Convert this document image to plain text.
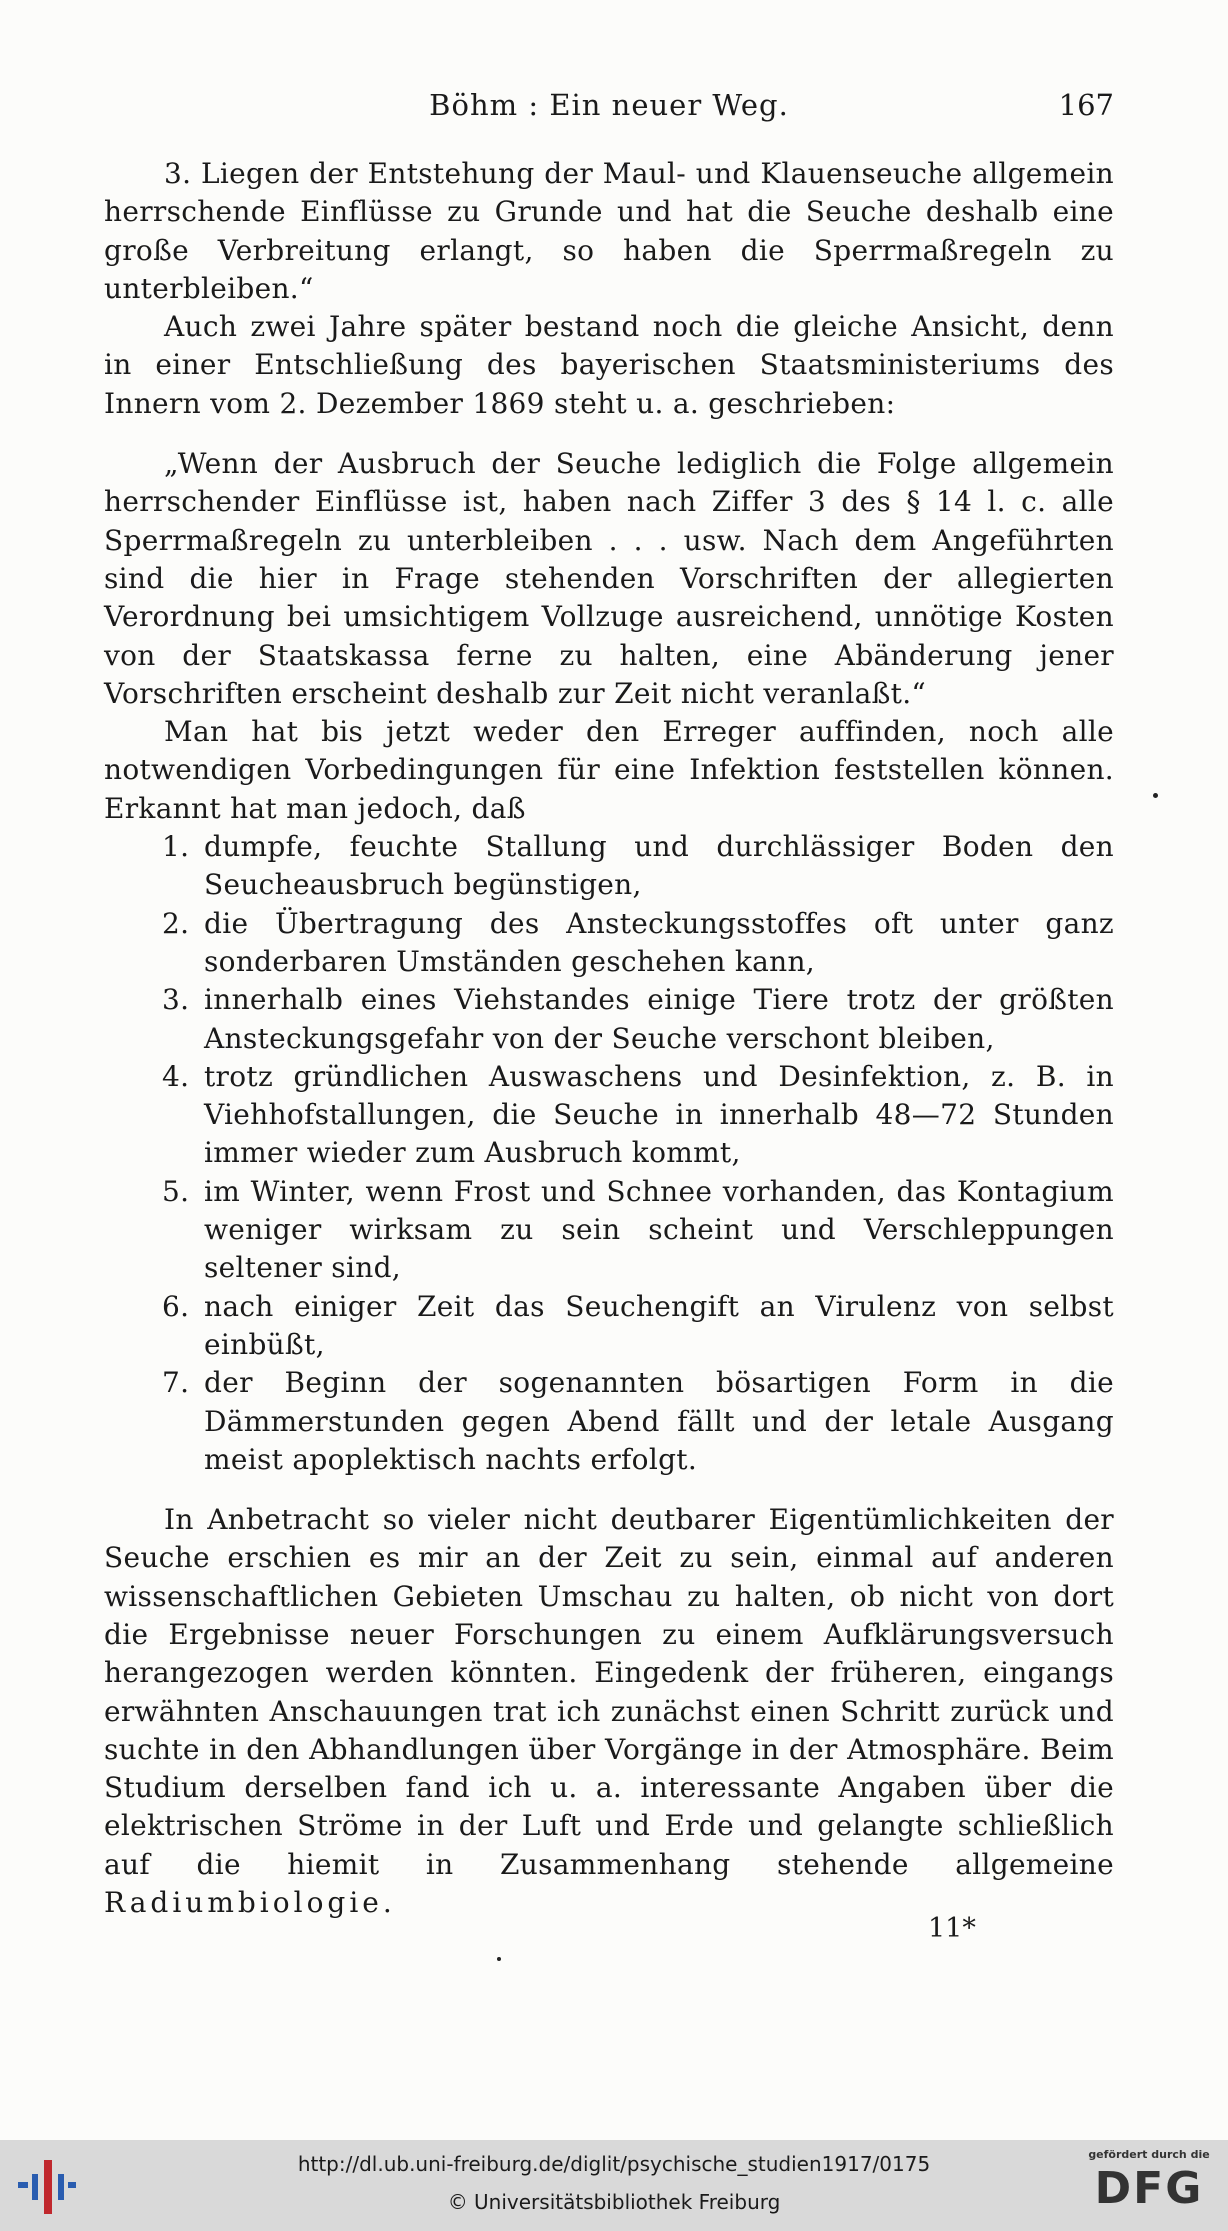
Böhm : Ein neuer Weg.	167

3. Liegen der Entstehung der Maul- und Klauenseuche allgemein herrschende Einflüsse zu Grunde und hat die Seuche deshalb eine große Verbreitung erlangt, so haben die Sperrmaßregeln zu unterbleiben.“

Auch zwei Jahre später bestand noch die gleiche Ansicht, denn in einer Entschließung des bayerischen Staatsministeriums des Innern vom 2. Dezember 1869 steht u. a. geschrieben:

„Wenn der Ausbruch der Seuche lediglich die Folge allgemein herrschender Einflüsse ist, haben nach Ziffer 3 des § 14 l. c. alle Sperrmaßregeln zu unterbleiben . . . usw. Nach dem Angeführten sind die hier in Frage stehenden Vorschriften der allegierten Verordnung bei umsichtigem Vollzuge ausreichend, unnötige Kosten von der Staatskassa ferne zu halten, eine Abänderung jener Vorschriften erscheint deshalb zur Zeit nicht veranlaßt.“

Man hat bis jetzt weder den Erreger auffinden, noch alle notwendigen Vorbedingungen für eine Infektion feststellen können. Erkannt hat man jedoch, daß

1. dumpfe, feuchte Stallung und durchlässiger Boden den Seucheausbruch begünstigen,
2. die Übertragung des Ansteckungsstoffes oft unter ganz sonderbaren Umständen geschehen kann,
3. innerhalb eines Viehstandes einige Tiere trotz der größten Ansteckungsgefahr von der Seuche verschont bleiben,
4. trotz gründlichen Auswaschens und Desinfektion, z. B. in Viehhofstallungen, die Seuche in innerhalb 48—72 Stunden immer wieder zum Ausbruch kommt,
5. im Winter, wenn Frost und Schnee vorhanden, das Kontagium weniger wirksam zu sein scheint und Verschleppungen seltener sind,
6. nach einiger Zeit das Seuchengift an Virulenz von selbst einbüßt,
7. der Beginn der sogenannten bösartigen Form in die Dämmerstunden gegen Abend fällt und der letale Ausgang meist apoplektisch nachts erfolgt.

In Anbetracht so vieler nicht deutbarer Eigentümlichkeiten der Seuche erschien es mir an der Zeit zu sein, einmal auf anderen wissenschaftlichen Gebieten Umschau zu halten, ob nicht von dort die Ergebnisse neuer Forschungen zu einem Aufklärungsversuch herangezogen werden könnten. Eingedenk der früheren, eingangs erwähnten Anschauungen trat ich zunächst einen Schritt zurück und suchte in den Abhandlungen über Vorgänge in der Atmosphäre. Beim Studium derselben fand ich u. a. interessante Angaben über die elektrischen Ströme in der Luft und Erde und gelangte schließlich auf die hiemit in Zusammenhang stehende allgemeine Radiumbiologie.

11*
http://dl.ub.uni-freiburg.de/diglit/psychische_studien1917/0175
© Universitätsbibliothek Freiburg
gefördert durch die
DFG
